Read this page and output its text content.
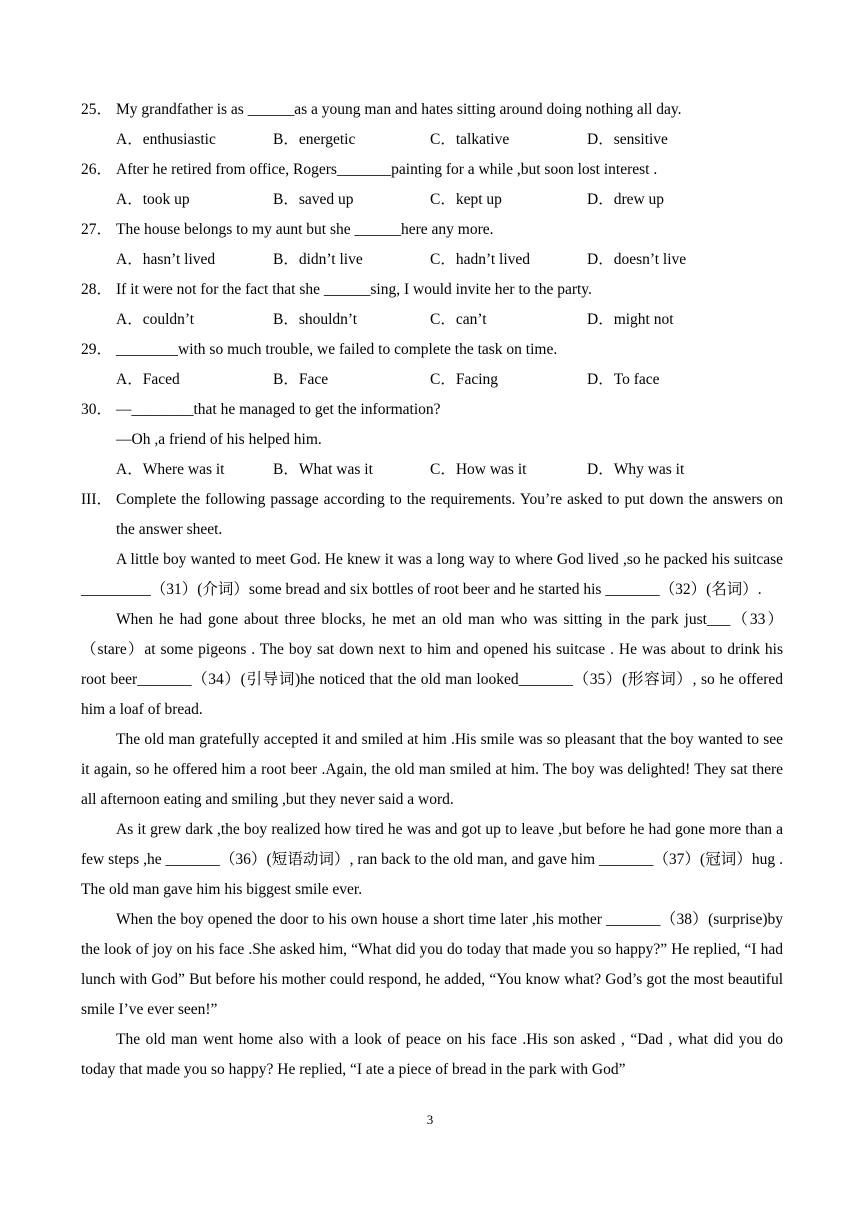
25． My grandfather is as ______as a young man and hates sitting around doing nothing all day.
A．enthusiastic	B．energetic	C．talkative	D．sensitive
26． After he retired from office, Rogers_______painting for a while ,but soon lost interest .
A．took up	B．saved up	C．kept up	D．drew up
27． The house belongs to my aunt but she ______here any more.
A．hasn’t lived	B．didn’t live	C．hadn’t lived	D．doesn’t live
28． If it were not for the fact that she ______sing, I would invite her to the party.
A．couldn’t	B．shouldn’t	C．can’t	D．might not
29． ________with so much trouble, we failed to complete the task on time.
A．Faced	B．Face	C．Facing	D．To face
30． —________that he managed to get the information?
—Oh ,a friend of his helped him.
A．Where was it	B．What was it	C．How was it	D．Why was it
III． Complete the following passage according to the requirements. You’re asked to put down the answers on the answer sheet.

A little boy wanted to meet God. He knew it was a long way to where God lived ,so he packed his suitcase _________（31）(介词）some bread and six bottles of root beer and he started his _______（32）(名词）.

When he had gone about three blocks, he met an old man who was sitting in the park just___（33）（stare）at some pigeons . The boy sat down next to him and opened his suitcase . He was about to drink his root beer_______（34）(引导词)he noticed that the old man looked_______（35）(形容词）, so he offered him a loaf of bread.

The old man gratefully accepted it and smiled at him .His smile was so pleasant that the boy wanted to see it again, so he offered him a root beer .Again, the old man smiled at him. The boy was delighted! They sat there all afternoon eating and smiling ,but they never said a word.

As it grew dark ,the boy realized how tired he was and got up to leave ,but before he had gone more than a few steps ,he _______（36）(短语动词）, ran back to the old man, and gave him _______（37）(冠词）hug . The old man gave him his biggest smile ever.

When the boy opened the door to his own house a short time later ,his mother _______（38）(surprise)by the look of joy on his face .She asked him, “What did you do today that made you so happy?” He replied, “I had lunch with God” But before his mother could respond, he added, “You know what? God’s got the most beautiful smile I’ve ever seen!”

The old man went home also with a look of peace on his face .His son asked , “Dad , what did you do today that made you so happy? He replied, “I ate a piece of bread in the park with God”

3
